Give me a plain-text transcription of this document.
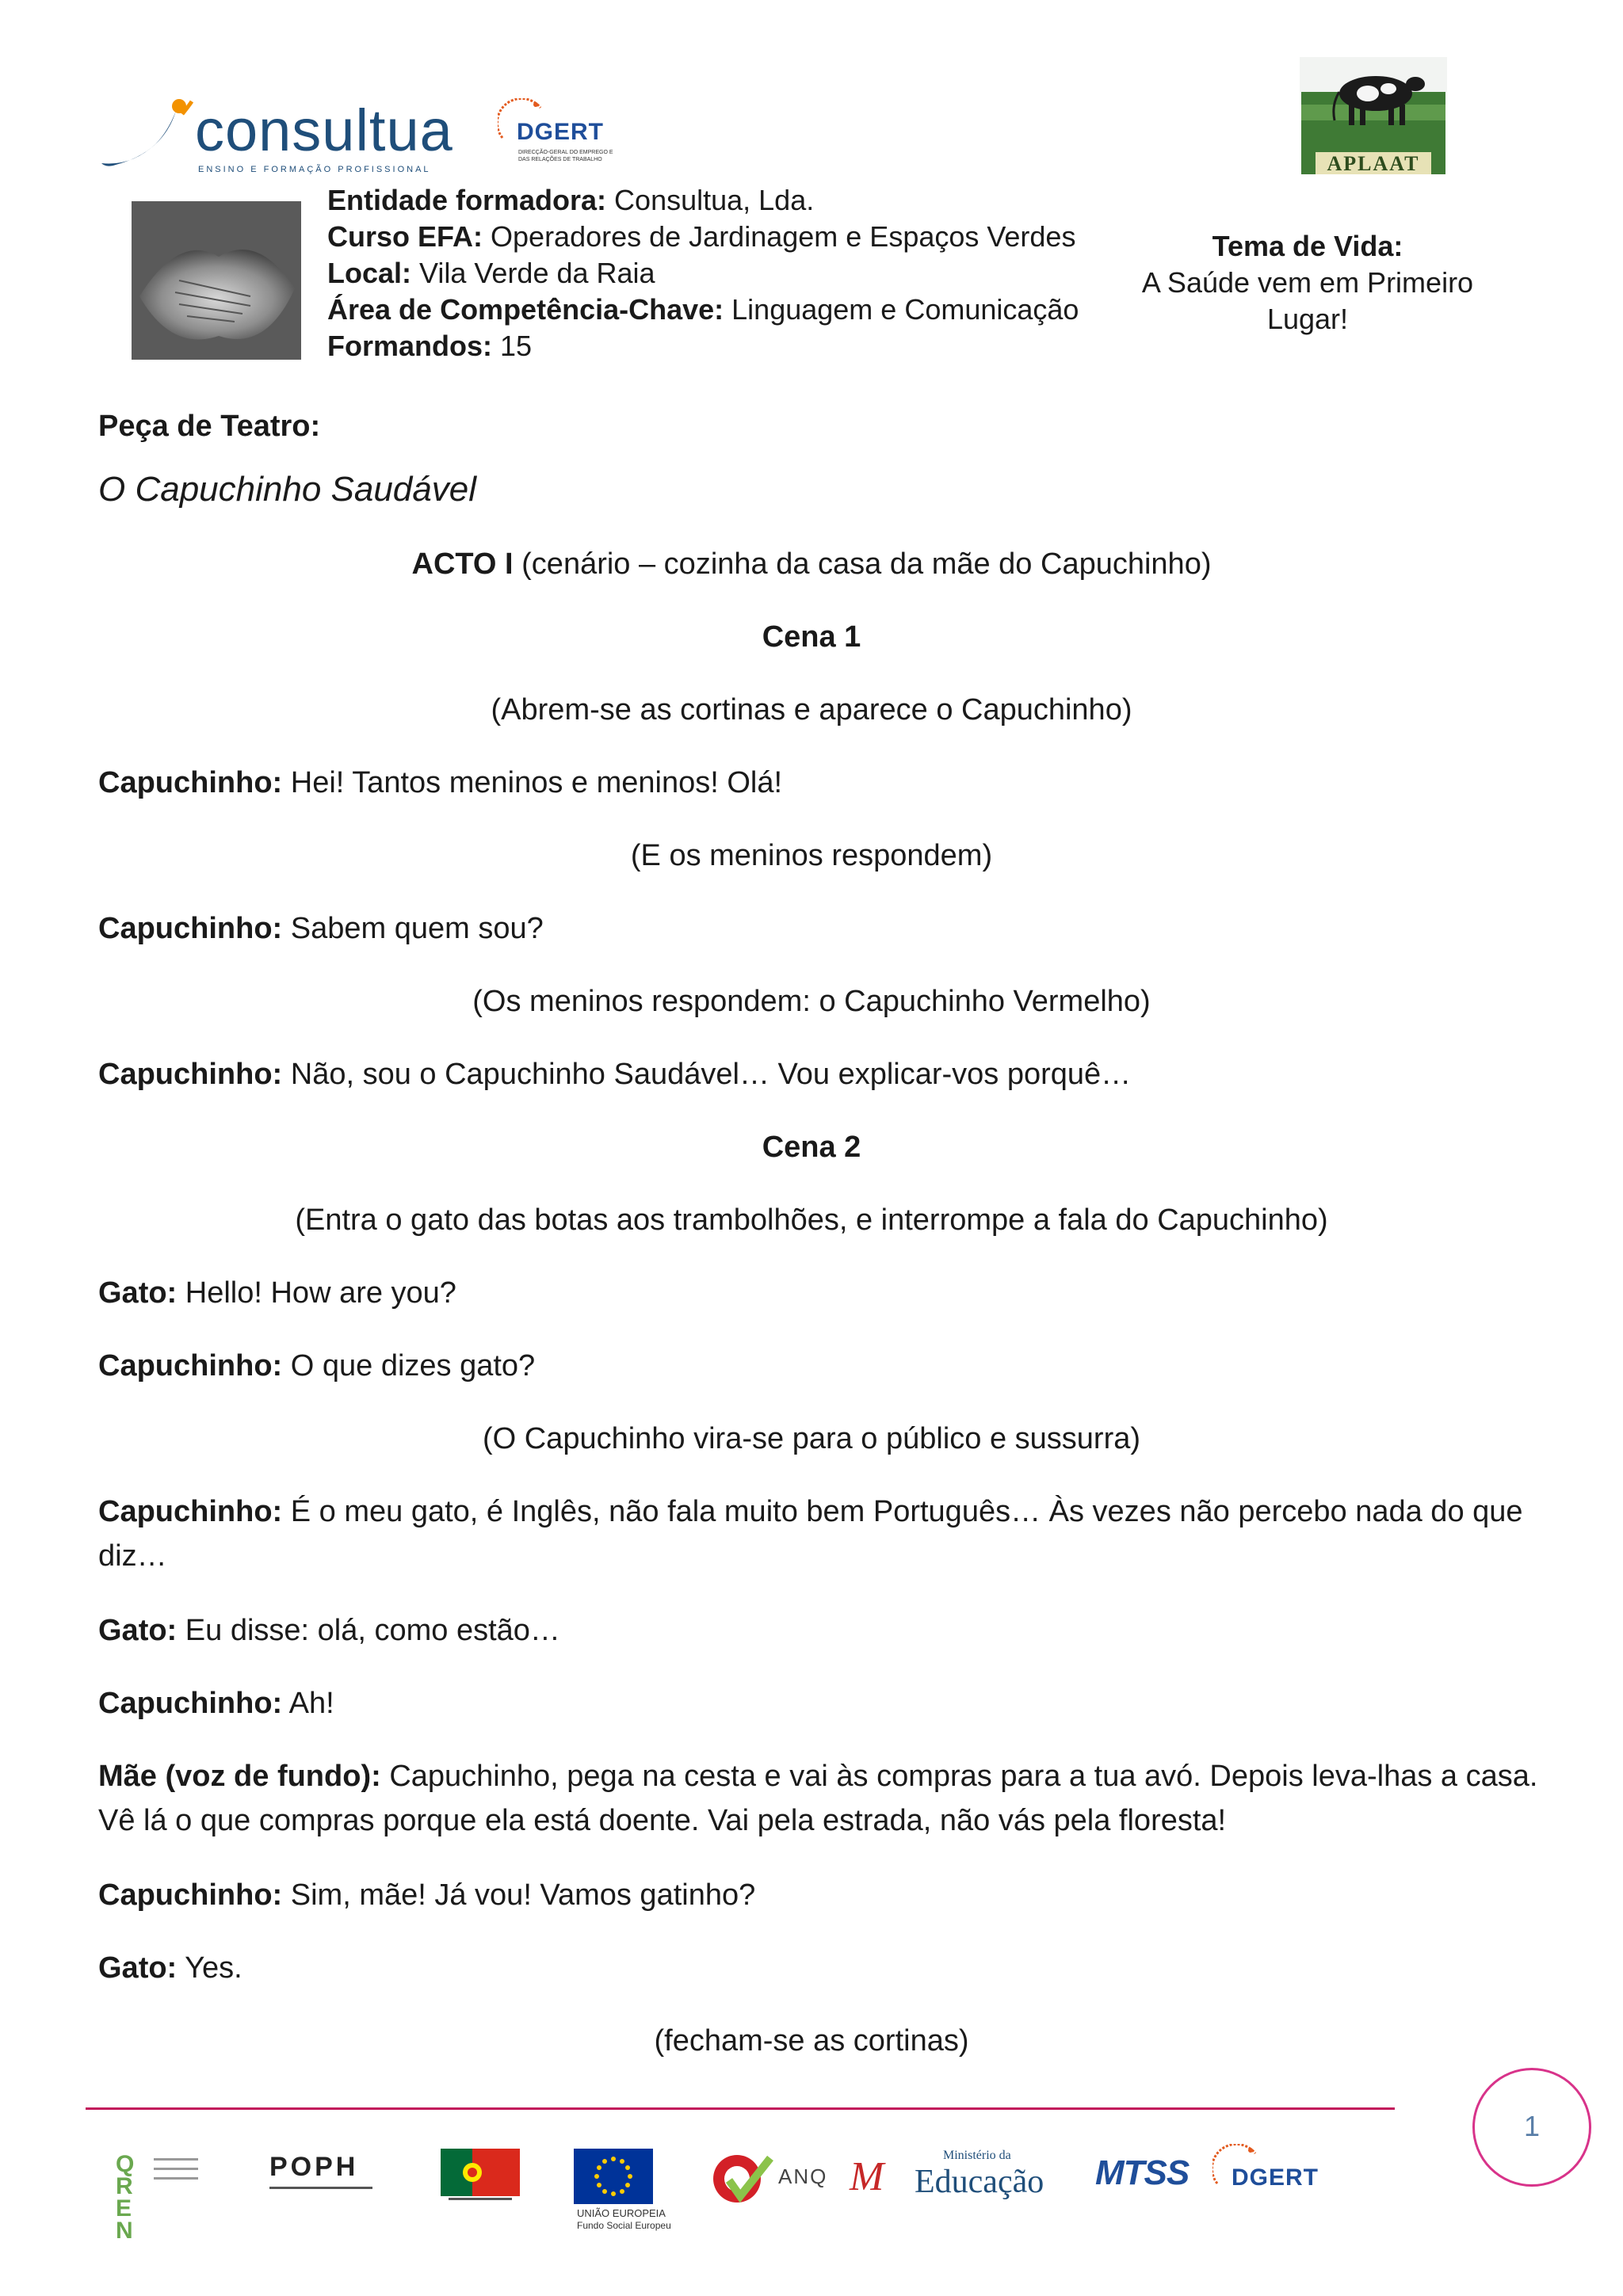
consultua
ENSINO E FORMAÇÃO PROFISSIONAL
DGERT
DIRECÇÃO-GERAL DO EMPREGO E DAS RELAÇÕES DE TRABALHO	APLAAT
Entidade formadora: Consultua, Lda.
Curso EFA: Operadores de Jardinagem e Espaços Verdes
Local: Vila Verde da Raia
Área de Competência-Chave: Linguagem e Comunicação
Formandos: 15
Tema de Vida:
A Saúde vem em Primeiro
Lugar!
Peça de Teatro:
O Capuchinho Saudável
ACTO I (cenário – cozinha da casa da mãe do Capuchinho)
Cena 1
(Abrem-se as cortinas e aparece o Capuchinho)
Capuchinho: Hei! Tantos meninos e meninos! Olá!
(E os meninos respondem)
Capuchinho: Sabem quem sou?
(Os meninos respondem: o Capuchinho Vermelho)
Capuchinho: Não, sou o Capuchinho Saudável… Vou explicar-vos porquê…
Cena 2
(Entra o gato das botas aos trambolhões, e interrompe a fala do Capuchinho)
Gato: Hello! How are you?
Capuchinho: O que dizes gato?
(O Capuchinho vira-se para o público e sussurra)
Capuchinho: É o meu gato, é Inglês, não fala muito bem Português… Às vezes não percebo nada do que
diz…
Gato: Eu disse: olá, como estão…
Capuchinho: Ah!
Mãe (voz de fundo): Capuchinho, pega na cesta e vai às compras para a tua avó. Depois leva-lhas a casa.
Vê lá o que compras porque ela está doente. Vai pela estrada, não vás pela floresta!
Capuchinho: Sim, mãe! Já vou! Vamos gatinho?
Gato: Yes.
(fecham-se as cortinas)
1
QREN
POPH
UNIÃO EUROPEIA
Fundo Social Europeu
ANQ M	Ministério da
Educação MTSS DGERT
